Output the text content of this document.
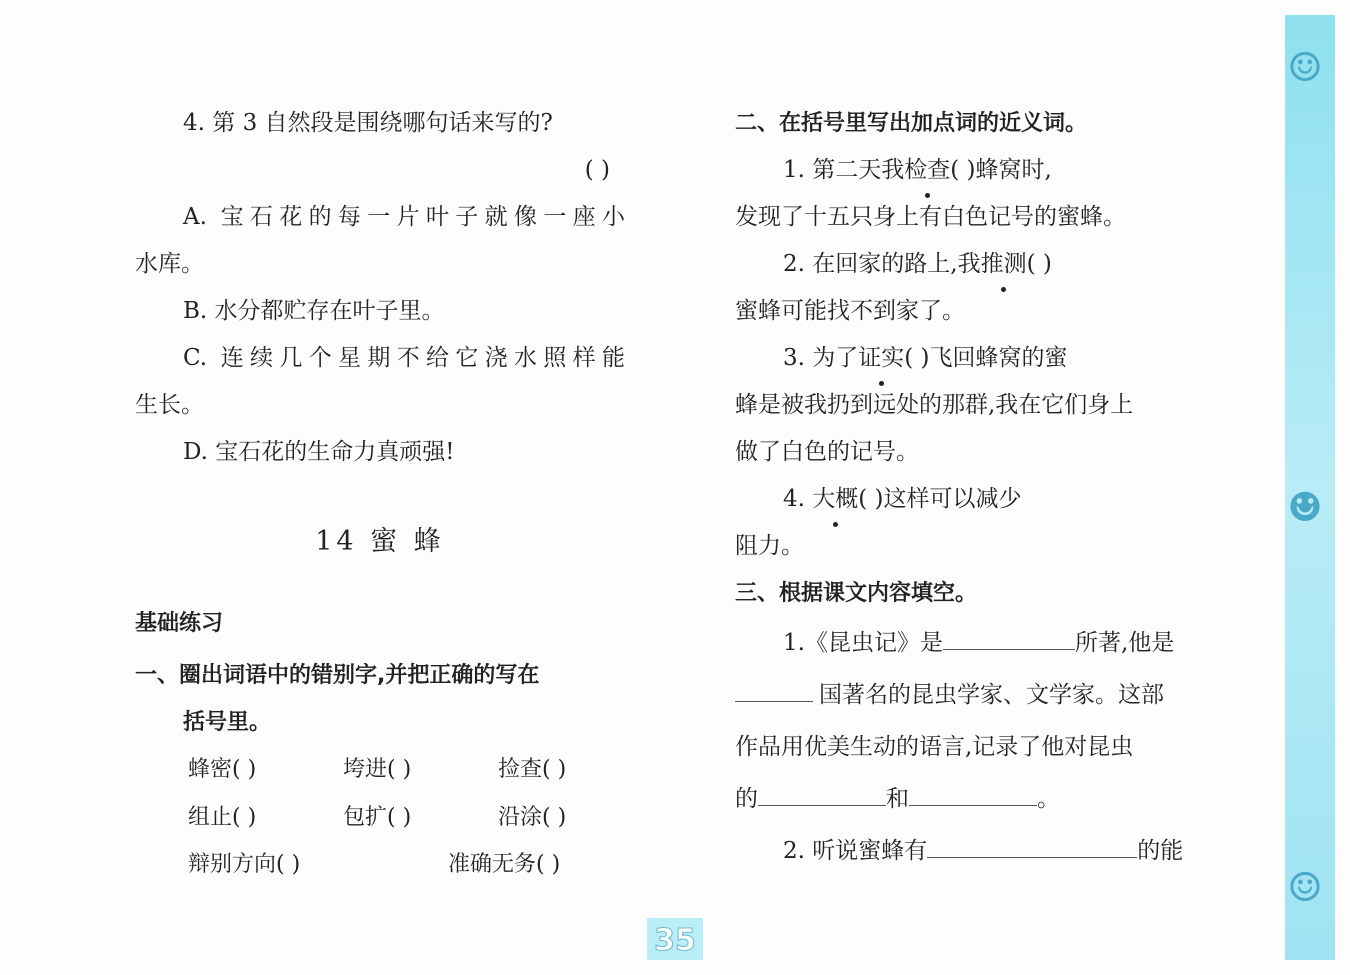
4. 第 3 自然段是围绕哪句话来写的?

( )

A. 宝石花的每一片叶子就像一座小

水库。

B. 水分都贮存在叶子里。

C. 连续几个星期不给它浇水照样能

生长。

D. 宝石花的生命力真顽强!

14 蜜 蜂

基础练习

一、圈出词语中的错别字,并把正确的写在

括号里。

蜂密( )	垮进( )	捡查( )
组止( )	包扩( )	沿涂( )
辩别方向( )	准确无务( )

二、在括号里写出加点词的近义词。

1. 第二天我检查( )蜂窝时,

发现了十五只身上有白色记号的蜜蜂。

2. 在回家的路上,我推测( )

蜜蜂可能找不到家了。

3. 为了证实( )飞回蜂窝的蜜

蜂是被我扔到远处的那群,我在它们身上

做了白色的记号。

4. 大概( )这样可以减少

阻力。

三、根据课文内容填空。

1.《昆虫记》是	所著,他是

国著名的昆虫学家、文学家。这部

作品用优美生动的语言,记录了他对昆虫

的	和	。

2. 听说蜜蜂有	的能

☺
☻
☺
35
